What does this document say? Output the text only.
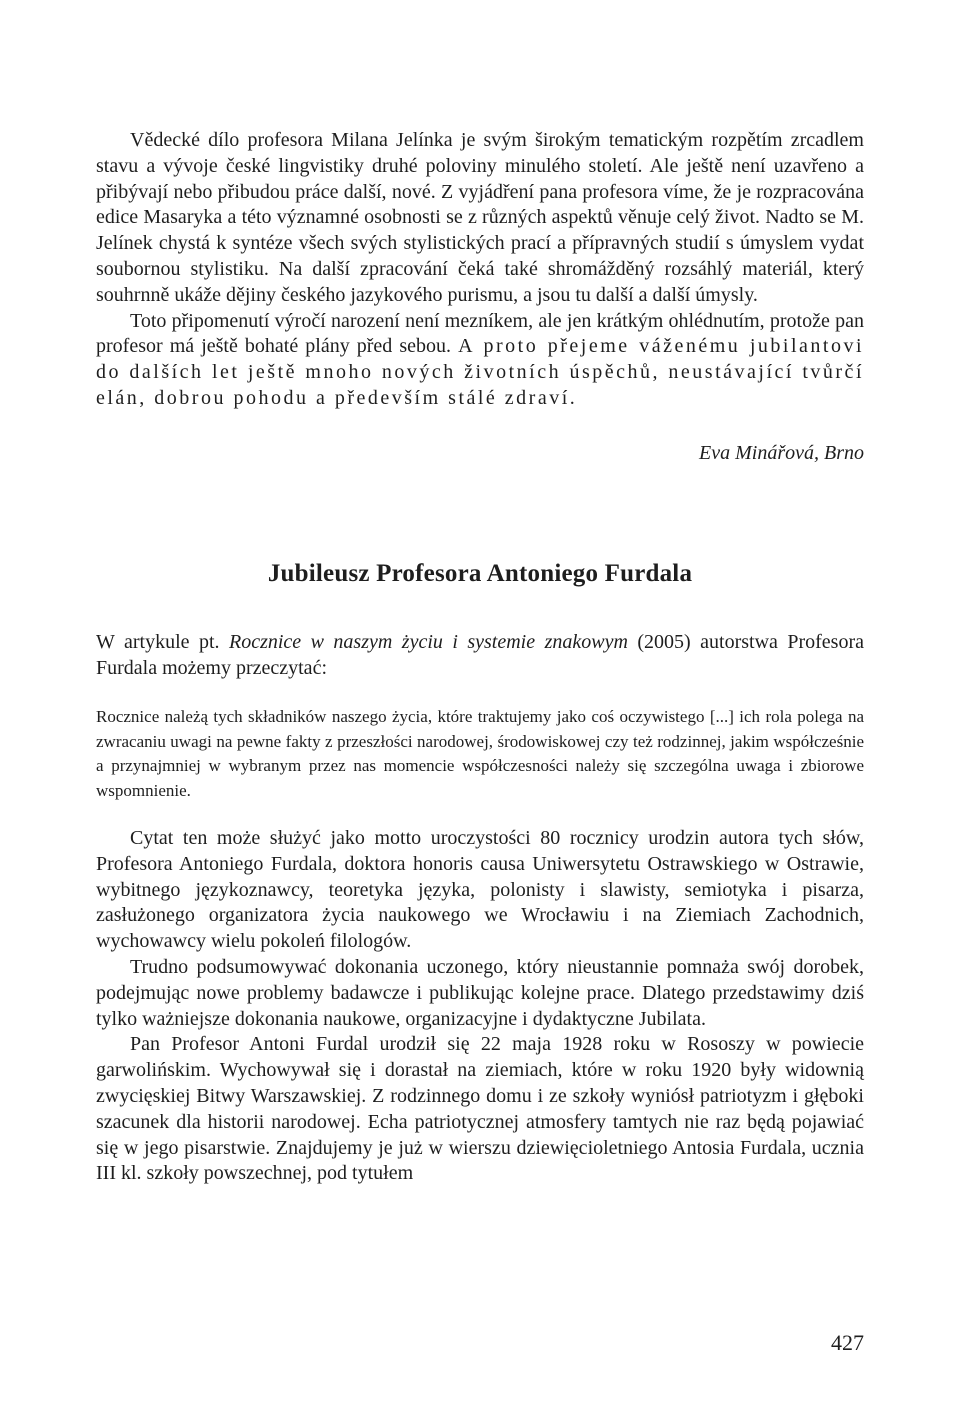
Vědecké dílo profesora Milana Jelínka je svým širokým tematickým rozpětím zrcadlem stavu a vývoje české lingvistiky druhé poloviny minulého století. Ale ještě není uzavřeno a přibývají nebo přibudou práce další, nové. Z vyjádření pana profesora víme, že je rozpracována edice Masaryka a této významné osobnosti se z různých aspektů věnuje celý život. Nadto se M. Jelínek chystá k syntéze všech svých stylistických prací a přípravných studií s úmyslem vydat soubornou stylistiku. Na další zpracování čeká také shromážděný rozsáhlý materiál, který souhrnně ukáže dějiny českého jazykového purismu, a jsou tu další a další úmysly.

Toto připomenutí výročí narození není mezníkem, ale jen krátkým ohlédnutím, protože pan profesor má ještě bohaté plány před sebou. A proto přejeme váženému jubilantovi do dalších let ještě mnoho nových životních úspěchů, neustávající tvůrčí elán, dobrou pohodu a především stálé zdraví.

Eva Minářová, Brno

Jubileusz Profesora Antoniego Furdala

W artykule pt. Rocznice w naszym życiu i systemie znakowym (2005) autorstwa Profesora Furdala możemy przeczytać:

Rocznice należą tych składników naszego życia, które traktujemy jako coś oczywistego [...] ich rola polega na zwracaniu uwagi na pewne fakty z przeszłości narodowej, środowiskowej czy też rodzinnej, jakim współcześnie a przynajmniej w wybranym przez nas momencie współczesności należy się szczególna uwaga i zbiorowe wspomnienie.

Cytat ten może służyć jako motto uroczystości 80 rocznicy urodzin autora tych słów, Profesora Antoniego Furdala, doktora honoris causa Uniwersytetu Ostrawskiego w Ostrawie, wybitnego językoznawcy, teoretyka języka, polonisty i slawisty, semiotyka i pisarza, zasłużonego organizatora życia naukowego we Wrocławiu i na Ziemiach Zachodnich, wychowawcy wielu pokoleń filologów.

Trudno podsumowywać dokonania uczonego, który nieustannie pomnaża swój dorobek, podejmując nowe problemy badawcze i publikując kolejne prace. Dlatego przedstawimy dziś tylko ważniejsze dokonania naukowe, organizacyjne i dydaktyczne Jubilata.

Pan Profesor Antoni Furdal urodził się 22 maja 1928 roku w Rososzy w powiecie garwolińskim. Wychowywał się i dorastał na ziemiach, które w roku 1920 były widownią zwycięskiej Bitwy Warszawskiej. Z rodzinnego domu i ze szkoły wyniósł patriotyzm i głęboki szacunek dla historii narodowej. Echa patriotycznej atmosfery tamtych nie raz będą pojawiać się w jego pisarstwie. Znajdujemy je już w wierszu dziewięcioletniego Antosia Furdala, ucznia III kl. szkoły powszechnej, pod tytułem

427
